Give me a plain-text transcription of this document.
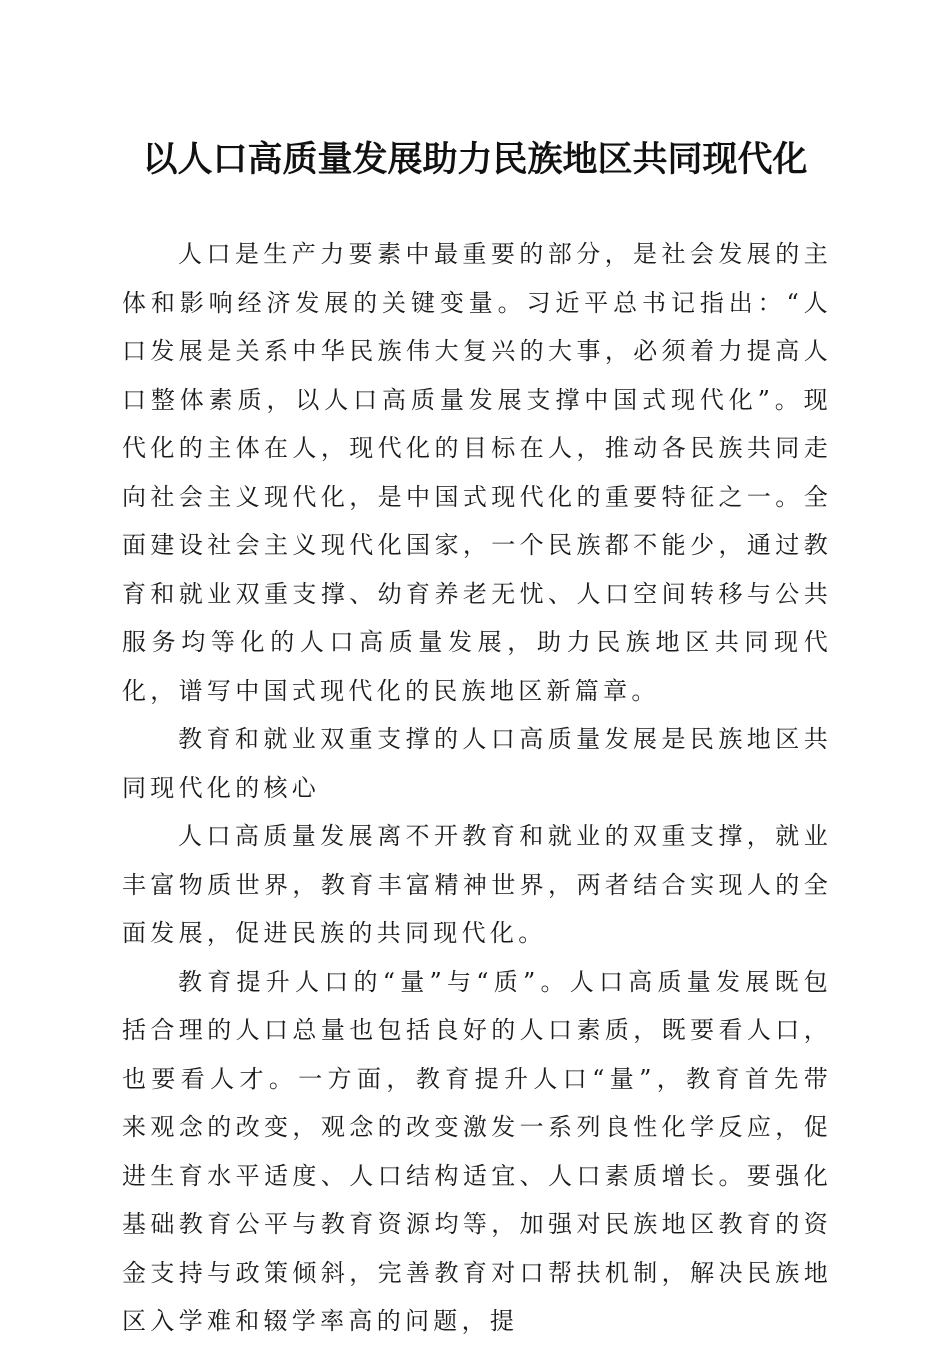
以人口高质量发展助力民族地区共同现代化

人口是生产力要素中最重要的部分，是社会发展的主体和影响经济发展的关键变量。习近平总书记指出：“人口发展是关系中华民族伟大复兴的大事，必须着力提高人口整体素质，以人口高质量发展支撑中国式现代化”。现代化的主体在人，现代化的目标在人，推动各民族共同走向社会主义现代化，是中国式现代化的重要特征之一。全面建设社会主义现代化国家，一个民族都不能少，通过教育和就业双重支撑、幼育养老无忧、人口空间转移与公共服务均等化的人口高质量发展，助力民族地区共同现代化，谱写中国式现代化的民族地区新篇章。

教育和就业双重支撑的人口高质量发展是民族地区共同现代化的核心

人口高质量发展离不开教育和就业的双重支撑，就业丰富物质世界，教育丰富精神世界，两者结合实现人的全面发展，促进民族的共同现代化。

教育提升人口的“量”与“质”。人口高质量发展既包括合理的人口总量也包括良好的人口素质，既要看人口，也要看人才。一方面，教育提升人口“量”，教育首先带来观念的改变，观念的改变激发一系列良性化学反应，促进生育水平适度、人口结构适宜、人口素质增长。要强化基础教育公平与教育资源均等，加强对民族地区教育的资金支持与政策倾斜，完善教育对口帮扶机制，解决民族地区入学难和辍学率高的问题，提
